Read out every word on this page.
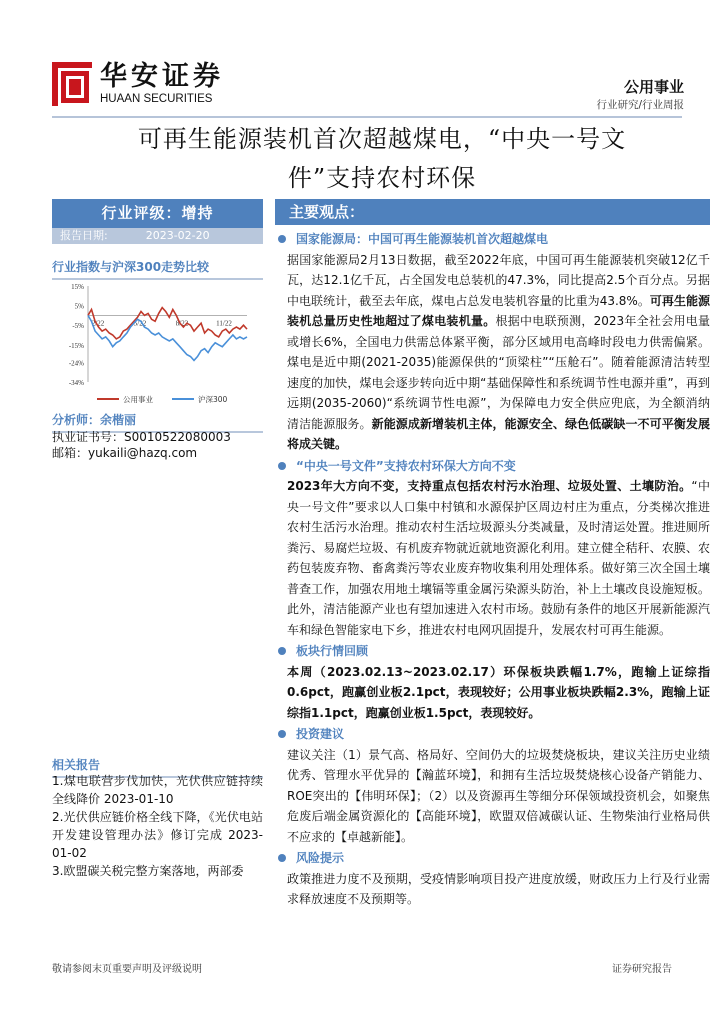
华安证券
HUAAN SECURITIES
公用事业
行业研究/行业周报
可再生能源装机首次超越煤电，“中央一号文
件”支持农村环保
行业评级：增持
报告日期:	2023-02-20
行业指数与沪深300走势比较
15%
5%
-5%
-15%
-24%
-34%
2/22	5/22	8/22	11/22
公用事业	沪深300
分析师：余楷丽
执业证书号：S0010522080003
邮箱：yukaili@hazq.com
相关报告
1.煤电联营步伐加快，光伏供应链持续全线降价 2023-01-10
2.光伏供应链价格全线下降，《光伏电站开发建设管理办法》修订完成 2023-01-02
3.欧盟碳关税完整方案落地，两部委
主要观点：
国家能源局：中国可再生能源装机首次超越煤电
据国家能源局2月13日数据，截至2022年底，中国可再生能源装机突破12亿千瓦，达12.1亿千瓦，占全国发电总装机的47.3%，同比提高2.5个百分点。另据中电联统计，截至去年底，煤电占总发电装机容量的比重为43.8%。可再生能源装机总量历史性地超过了煤电装机量。根据中电联预测，2023年全社会用电量或增长6%，全国电力供需总体紧平衡，部分区域用电高峰时段电力供需偏紧。煤电是近中期(2021-2035)能源保供的“顶梁柱”“压舱石”。随着能源清洁转型速度的加快，煤电会逐步转向近中期“基础保障性和系统调节性电源并重”，再到远期(2035-2060)“系统调节性电源”，为保障电力安全供应兜底，为全额消纳清洁能源服务。新能源成新增装机主体，能源安全、绿色低碳缺一不可平衡发展将成关键。
“中央一号文件”支持农村环保大方向不变
2023年大方向不变，支持重点包括农村污水治理、垃圾处置、土壤防治。“中央一号文件”要求以人口集中村镇和水源保护区周边村庄为重点，分类梯次推进农村生活污水治理。推动农村生活垃圾源头分类减量，及时清运处置。推进厕所粪污、易腐烂垃圾、有机废弃物就近就地资源化利用。建立健全秸秆、农膜、农药包装废弃物、畜禽粪污等农业废弃物收集利用处理体系。做好第三次全国土壤普查工作，加强农用地土壤镉等重金属污染源头防治，补上土壤改良设施短板。此外，清洁能源产业也有望加速进入农村市场。鼓励有条件的地区开展新能源汽车和绿色智能家电下乡，推进农村电网巩固提升，发展农村可再生能源。
板块行情回顾
本周（2023.02.13~2023.02.17）环保板块跌幅1.7%，跑输上证综指0.6pct，跑赢创业板2.1pct，表现较好；公用事业板块跌幅2.3%，跑输上证综指1.1pct，跑赢创业板1.5pct，表现较好。
投资建议
建议关注（1）景气高、格局好、空间仍大的垃圾焚烧板块，建议关注历史业绩优秀、管理水平优异的【瀚蓝环境】，和拥有生活垃圾焚烧核心设备产销能力、ROE突出的【伟明环保】；（2）以及资源再生等细分环保领域投资机会，如聚焦危废后端金属资源化的【高能环境】，欧盟双倍减碳认证、生物柴油行业格局供不应求的【卓越新能】。
风险提示
政策推进力度不及预期，受疫情影响项目投产进度放缓，财政压力上行及行业需求释放速度不及预期等。
敬请参阅末页重要声明及评级说明	证券研究报告
